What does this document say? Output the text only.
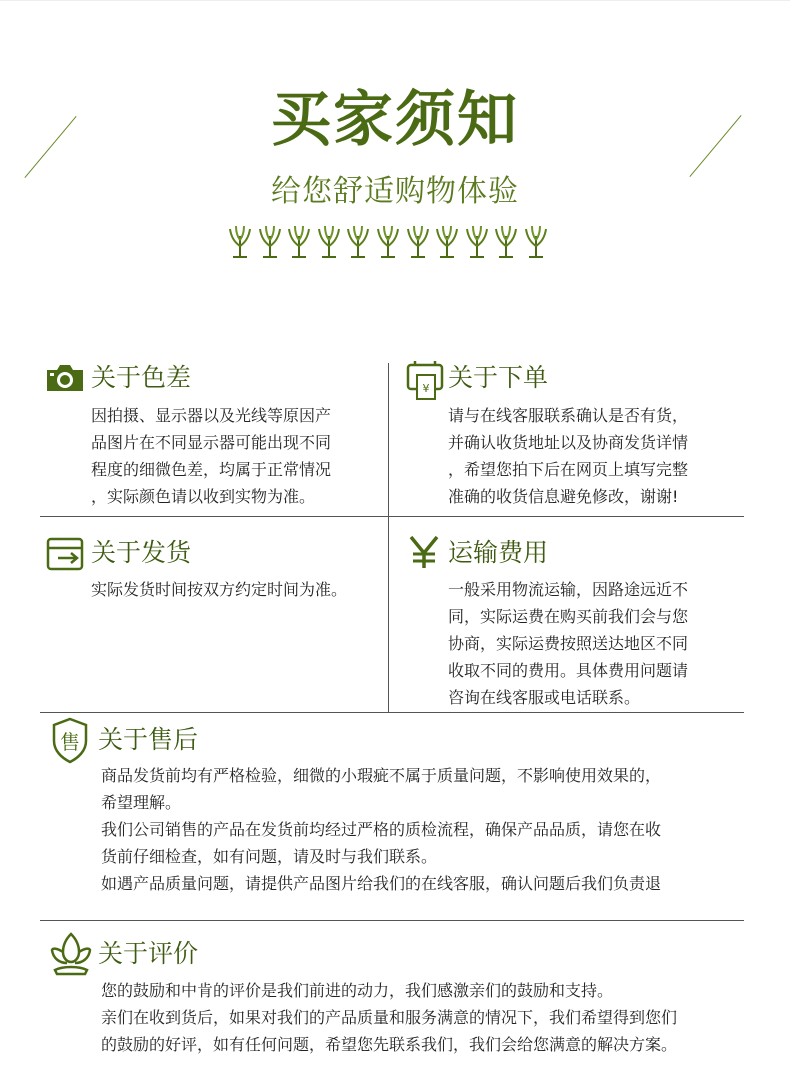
买家须知
给您舒适购物体验
关于色差
因拍摄、显示器以及光线等原因产
品图片在不同显示器可能出现不同
程度的细微色差，均属于正常情况
，实际颜色请以收到实物为准。
¥ 关于下单
请与在线客服联系确认是否有货，
并确认收货地址以及协商发货详情
，希望您拍下后在网页上填写完整
准确的收货信息避免修改，谢谢!
关于发货
实际发货时间按双方约定时间为准。
运输费用
一般采用物流运输，因路途远近不
同，实际运费在购买前我们会与您
协商，实际运费按照送达地区不同
收取不同的费用。具体费用问题请
咨询在线客服或电话联系。
售 关于售后
商品发货前均有严格检验，细微的小瑕疵不属于质量问题，不影响使用效果的，
希望理解。
我们公司销售的产品在发货前均经过严格的质检流程，确保产品品质，请您在收
货前仔细检查，如有问题，请及时与我们联系。
如遇产品质量问题，请提供产品图片给我们的在线客服，确认问题后我们负责退
关于评价
您的鼓励和中肯的评价是我们前进的动力，我们感激亲们的鼓励和支持。
亲们在收到货后，如果对我们的产品质量和服务满意的情况下，我们希望得到您们
的鼓励的好评，如有任何问题，希望您先联系我们，我们会给您满意的解决方案。
